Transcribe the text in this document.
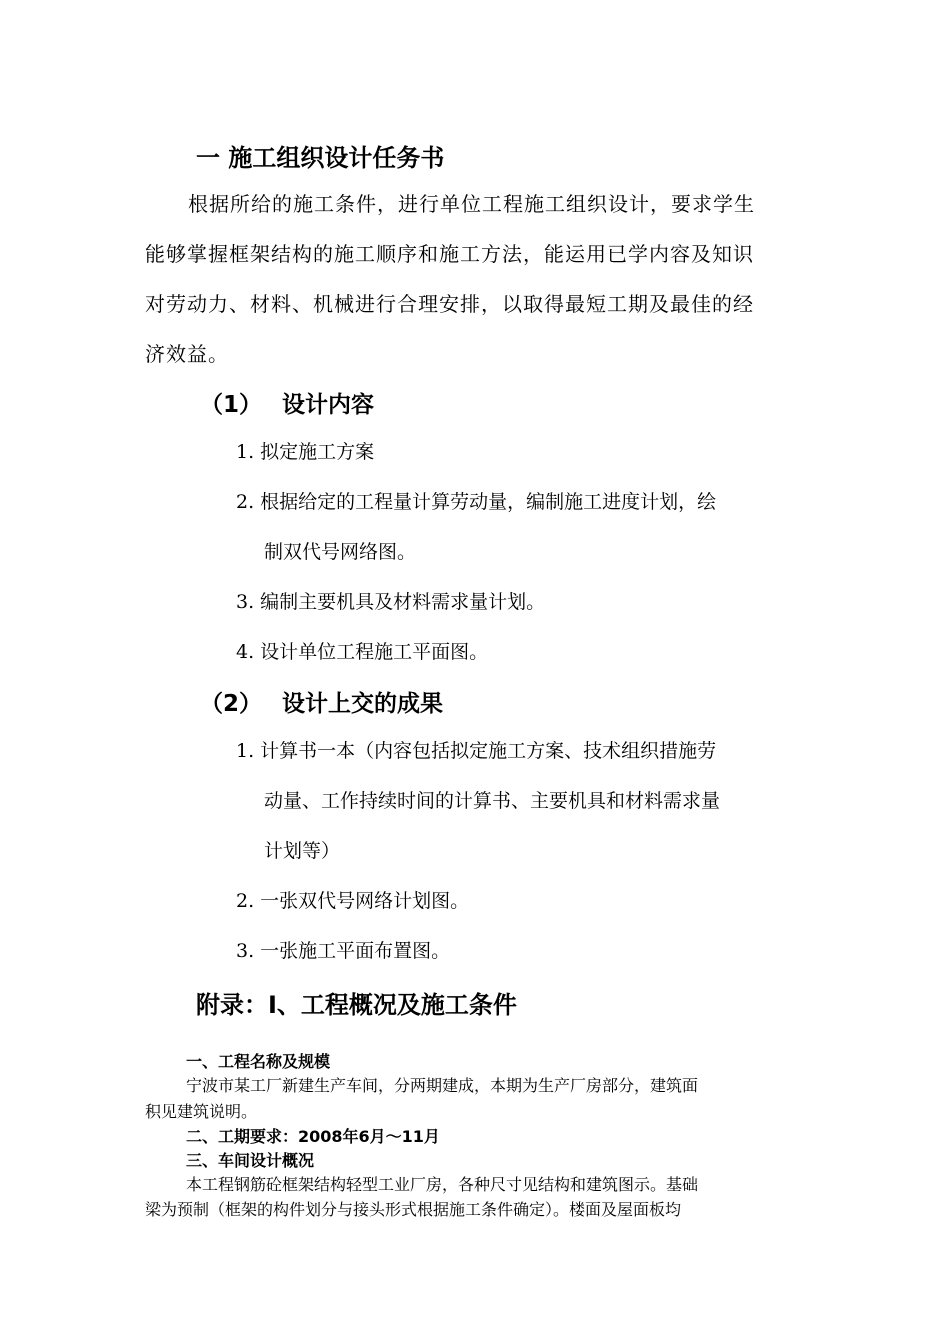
一 施工组织设计任务书
根据所给的施工条件，进行单位工程施工组织设计，要求学生
能够掌握框架结构的施工顺序和施工方法，能运用已学内容及知识
对劳动力、材料、机械进行合理安排，以取得最短工期及最佳的经
济效益。
（1） 设计内容
1. 拟定施工方案
2. 根据给定的工程量计算劳动量，编制施工进度计划，绘
制双代号网络图。
3. 编制主要机具及材料需求量计划。
4. 设计单位工程施工平面图。
（2） 设计上交的成果
1. 计算书一本（内容包括拟定施工方案、技术组织措施劳
动量、工作持续时间的计算书、主要机具和材料需求量
计划等）
2. 一张双代号网络计划图。
3. 一张施工平面布置图。
附录：I、工程概况及施工条件
一、工程名称及规模
宁波市某工厂新建生产车间，分两期建成，本期为生产厂房部分，建筑面
积见建筑说明。
二、工期要求：2008年6月～11月
三、车间设计概况
本工程钢筋砼框架结构轻型工业厂房，各种尺寸见结构和建筑图示。基础
梁为预制（框架的构件划分与接头形式根据施工条件确定）。楼面及屋面板均
